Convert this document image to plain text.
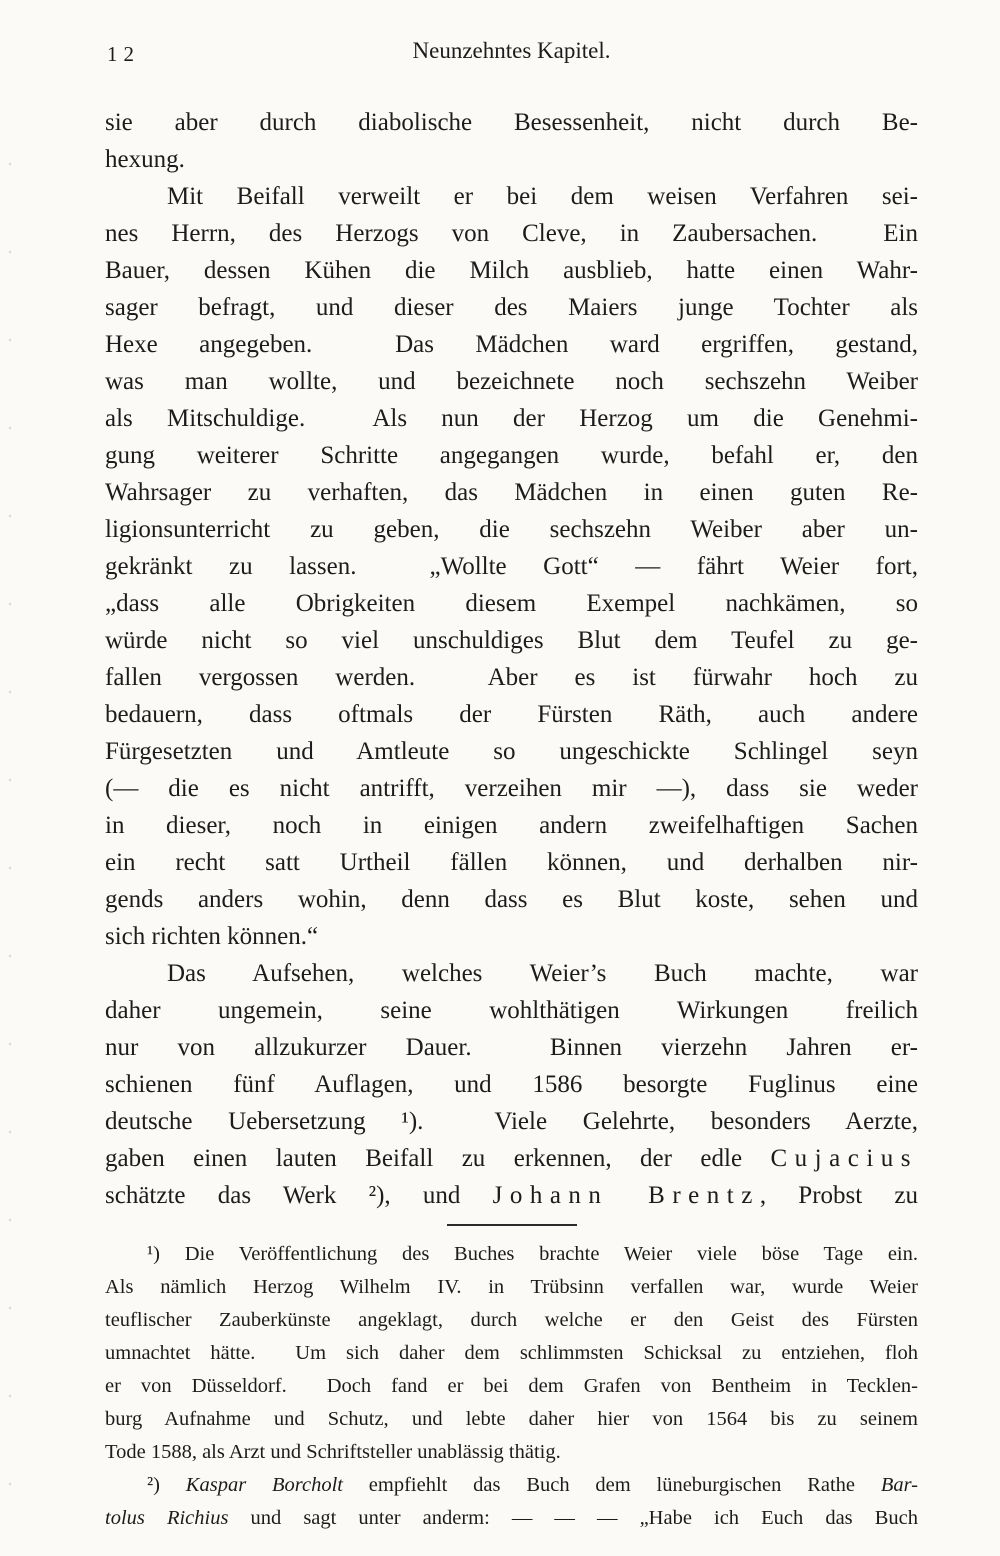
12	Neunzehntes Kapitel.
sie aber durch diabolische Besessenheit, nicht durch Be-
hexung.
Mit Beifall verweilt er bei dem weisen Verfahren sei-
nes Herrn, des Herzogs von Cleve, in Zaubersachen.  Ein
Bauer, dessen Kühen die Milch ausblieb, hatte einen Wahr-
sager befragt, und dieser des Maiers junge Tochter als
Hexe angegeben.  Das Mädchen ward ergriffen, gestand,
was man wollte, und bezeichnete noch sechszehn Weiber
als Mitschuldige.  Als nun der Herzog um die Genehmi-
gung weiterer Schritte angegangen wurde, befahl er, den
Wahrsager zu verhaften, das Mädchen in einen guten Re-
ligionsunterricht zu geben, die sechszehn Weiber aber un-
gekränkt zu lassen.  „Wollte Gott“ — fährt Weier fort,
„dass alle Obrigkeiten diesem Exempel nachkämen, so
würde nicht so viel unschuldiges Blut dem Teufel zu ge-
fallen vergossen werden.  Aber es ist fürwahr hoch zu
bedauern, dass oftmals der Fürsten Räth, auch andere
Fürgesetzten und Amtleute so ungeschickte Schlingel seyn
(— die es nicht antrifft, verzeihen mir —), dass sie weder
in dieser, noch in einigen andern zweifelhaftigen Sachen
ein recht satt Urtheil fällen können, und derhalben nir-
gends anders wohin, denn dass es Blut koste, sehen und
sich richten können.“
Das Aufsehen, welches Weier’s Buch machte, war
daher ungemein, seine wohlthätigen Wirkungen freilich
nur von allzukurzer Dauer.  Binnen vierzehn Jahren er-
schienen fünf Auflagen, und 1586 besorgte Fuglinus eine
deutsche Uebersetzung ¹).  Viele Gelehrte, besonders Aerzte,
gaben einen lauten Beifall zu erkennen, der edle Cujacius
schätzte das Werk ²), und Johann Brentz, Probst zu
¹) Die Veröffentlichung des Buches brachte Weier viele böse Tage ein.
Als nämlich Herzog Wilhelm IV. in Trübsinn verfallen war, wurde Weier
teuflischer Zauberkünste angeklagt, durch welche er den Geist des Fürsten
umnachtet hätte.  Um sich daher dem schlimmsten Schicksal zu entziehen, floh
er von Düsseldorf.  Doch fand er bei dem Grafen von Bentheim in Tecklen-
burg Aufnahme und Schutz, und lebte daher hier von 1564 bis zu seinem
Tode 1588, als Arzt und Schriftsteller unablässig thätig.
²) Kaspar Borcholt empfiehlt das Buch dem lüneburgischen Rathe Bar-
tolus Richius und sagt unter anderm: — — — „Habe ich Euch das Buch
